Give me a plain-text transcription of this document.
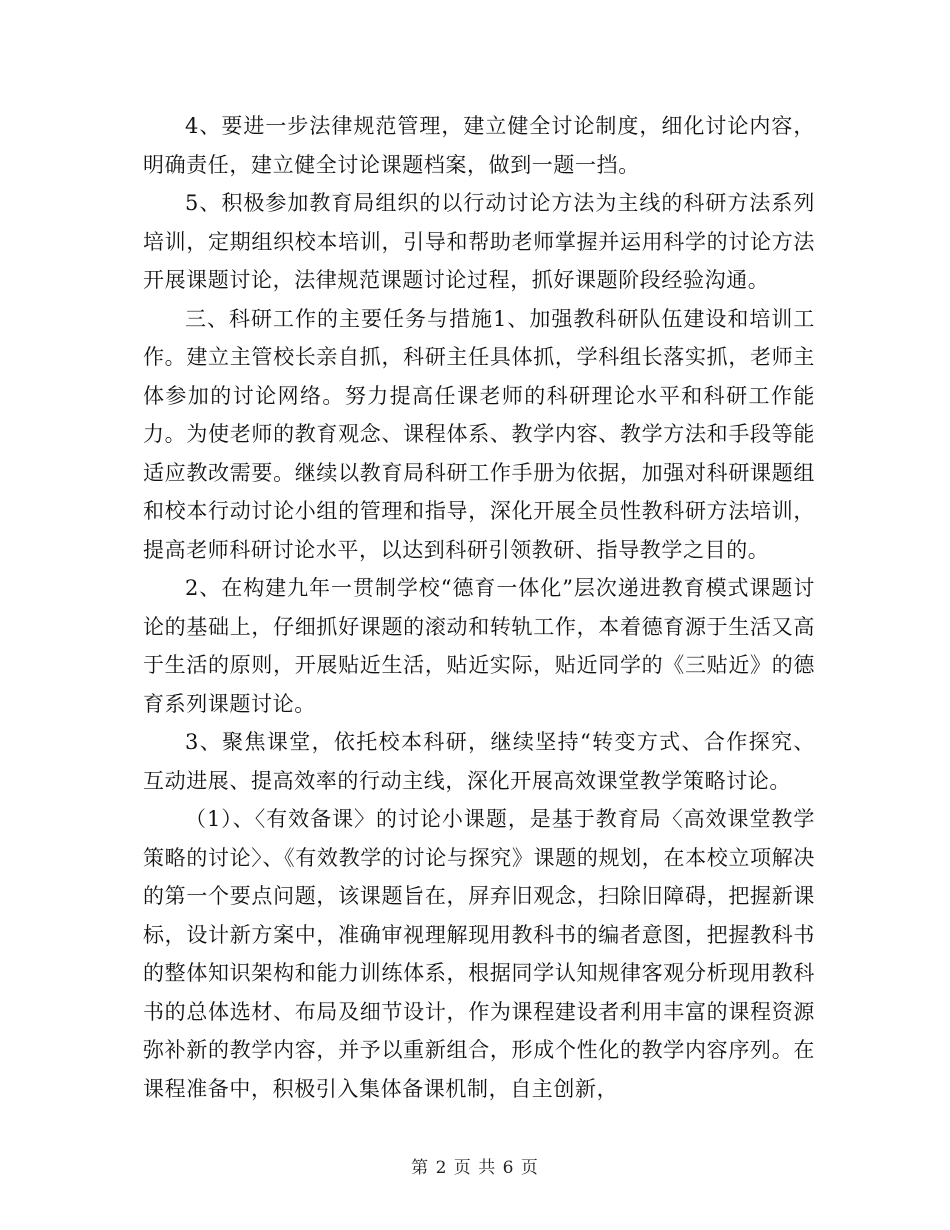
4、要进一步法律规范管理，建立健全讨论制度，细化讨论内容，明确责任，建立健全讨论课题档案，做到一题一挡。

5、积极参加教育局组织的以行动讨论方法为主线的科研方法系列培训，定期组织校本培训，引导和帮助老师掌握并运用科学的讨论方法开展课题讨论，法律规范课题讨论过程，抓好课题阶段经验沟通。

三、科研工作的主要任务与措施1、加强教科研队伍建设和培训工作。建立主管校长亲自抓，科研主任具体抓，学科组长落实抓，老师主体参加的讨论网络。努力提高任课老师的科研理论水平和科研工作能力。为使老师的教育观念、课程体系、教学内容、教学方法和手段等能适应教改需要。继续以教育局科研工作手册为依据，加强对科研课题组和校本行动讨论小组的管理和指导，深化开展全员性教科研方法培训，提高老师科研讨论水平，以达到科研引领教研、指导教学之目的。

2、在构建九年一贯制学校“德育一体化”层次递进教育模式课题讨论的基础上，仔细抓好课题的滚动和转轨工作，本着德育源于生活又高于生活的原则，开展贴近生活，贴近实际，贴近同学的《三贴近》的德育系列课题讨论。

3、聚焦课堂，依托校本科研，继续坚持“转变方式、合作探究、互动进展、提高效率的行动主线，深化开展高效课堂教学策略讨论。

（1）、〈有效备课〉的讨论小课题，是基于教育局〈高效课堂教学策略的讨论〉、《有效教学的讨论与探究》课题的规划，在本校立项解决的第一个要点问题，该课题旨在，屏弃旧观念，扫除旧障碍，把握新课标，设计新方案中，准确审视理解现用教科书的编者意图，把握教科书的整体知识架构和能力训练体系，根据同学认知规律客观分析现用教科书的总体选材、布局及细节设计，作为课程建设者利用丰富的课程资源弥补新的教学内容，并予以重新组合，形成个性化的教学内容序列。在课程准备中，积极引入集体备课机制，自主创新，

第 2 页 共 6 页
